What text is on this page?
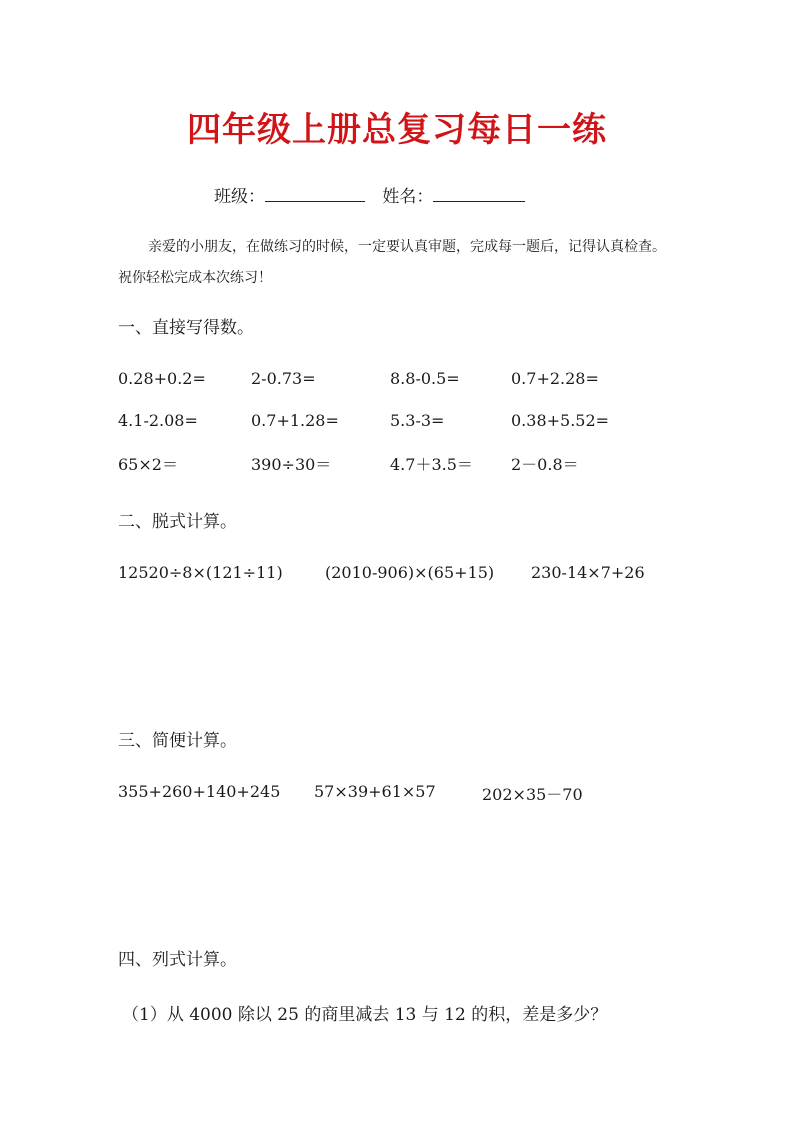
四年级上册总复习每日一练
班级：	姓名：
亲爱的小朋友，在做练习的时候，一定要认真审题，完成每一题后，记得认真检查。
祝你轻松完成本次练习！
一、直接写得数。
0.28+0.2=	2-0.73=	8.8-0.5=	0.7+2.28=
4.1-2.08=	0.7+1.28=	5.3-3=	0.38+5.52=
65×2＝	390÷30＝	4.7＋3.5＝ 2－0.8＝
二、脱式计算。
12520÷8×(121÷11)	(2010-906)×(65+15) 230-14×7+26
三、简便计算。
355+260+140+245 57×39+61×57	202×35－70
四、列式计算。
（1）从 4000 除以 25 的商里减去 13 与 12 的积，差是多少？
